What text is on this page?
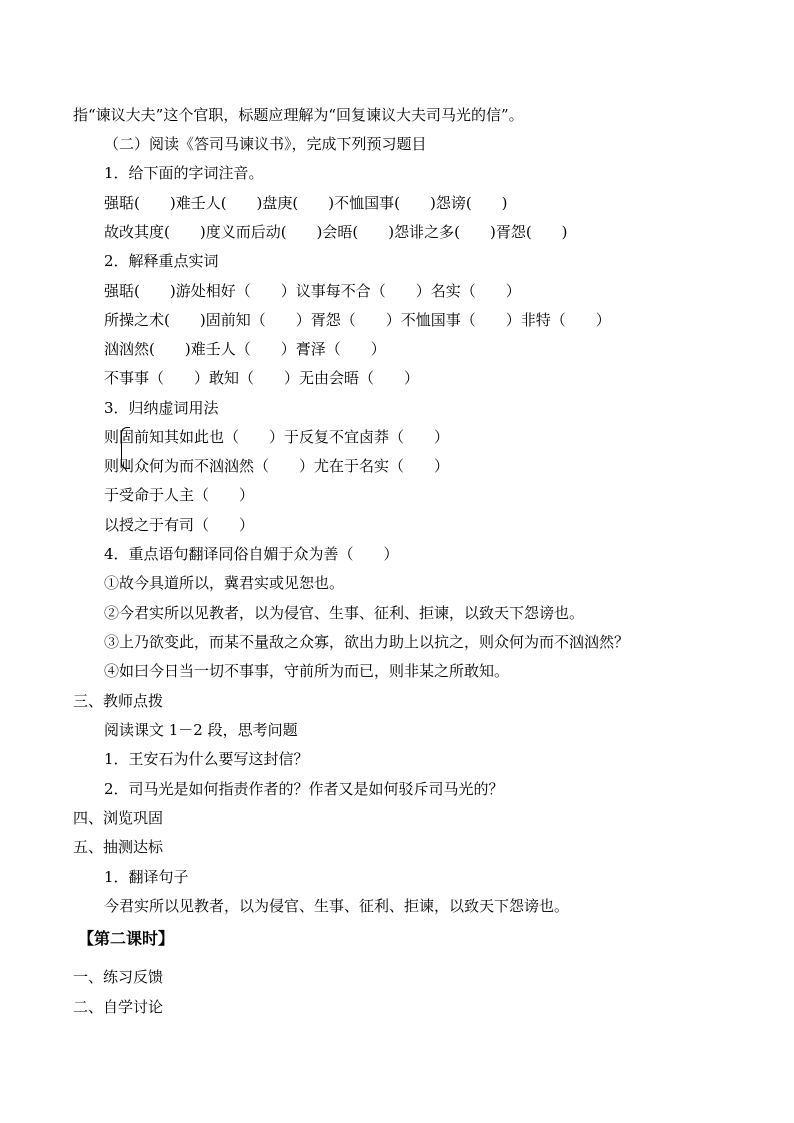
指“谏议大夫”这个官职，标题应理解为“回复谏议大夫司马光的信”。
（二）阅读《答司马谏议书》，完成下列预习题目
1．给下面的字词注音。
强聒(　　)难壬人(　　)盘庚(　　)不恤国事(　　)怨谤(　　)
故改其度(　　)度义而后动(　　)会晤(　　)怨诽之多(　　)胥怨(　　)
2．解释重点实词
强聒(　　)游处相好（　　）议事每不合（　　）名实（　　）
所操之术(　　)固前知（　　）胥怨（　　）不恤国事（　　）非特（　　）
汹汹然(　　)难壬人（　　）膏泽（　　）
不事事（　　）敢知（　　）无由会晤（　　）
3．归纳虚词用法
则固前知其如此也（　　）于反复不宜卤莽（　　）
则则众何为而不汹汹然（　　）尤在于名实（　　）
于受命于人主（　　）
以授之于有司（　　）
4．重点语句翻译同俗自媚于众为善（　　）
①故今具道所以，冀君实或见恕也。
②今君实所以见教者，以为侵官、生事、征利、拒谏，以致天下怨谤也。
③上乃欲变此，而某不量敌之众寡，欲出力助上以抗之，则众何为而不汹汹然？
④如曰今日当一切不事事，守前所为而已，则非某之所敢知。
三、教师点拨
阅读课文 1－2 段，思考问题
1．王安石为什么要写这封信？
2．司马光是如何指责作者的？作者又是如何驳斥司马光的？
四、浏览巩固
五、抽测达标
1．翻译句子
今君实所以见教者，以为侵官、生事、征利、拒谏，以致天下怨谤也。
【第二课时】
一、练习反馈
二、自学讨论
